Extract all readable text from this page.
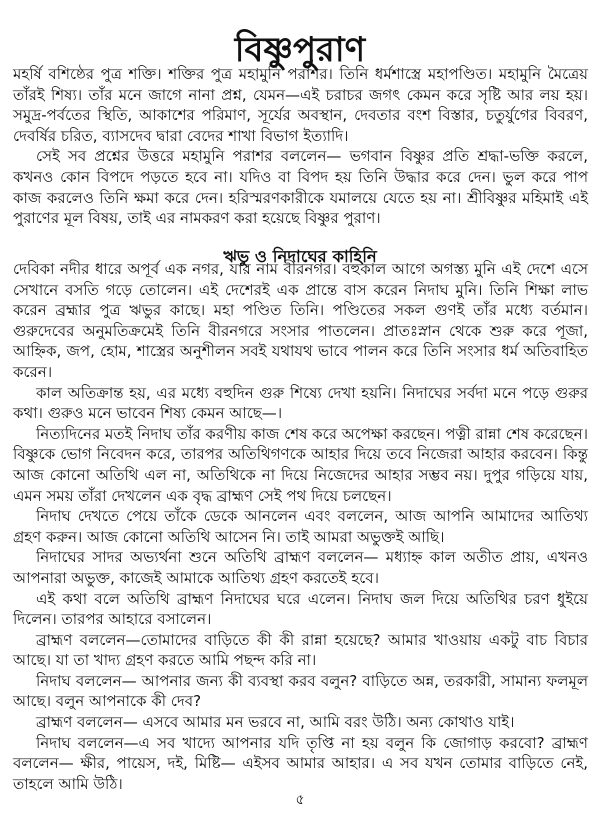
বিষ্ণুপুরাণ

মহর্ষি বশিষ্ঠের পুত্র শক্তি। শক্তির পুত্র মহামুনি পরাশর। তিনি ধর্মশাস্ত্রে মহাপণ্ডিত। মহামুনি মৈত্রেয় তাঁরই শিষ্য। তাঁর মনে জাগে নানা প্রশ্ন, যেমন—এই চরাচর জগৎ কেমন করে সৃষ্টি আর লয় হয়। সমুদ্র-পর্বতের স্থিতি, আকাশের পরিমাণ, সূর্যের অবস্থান, দেবতার বংশ বিস্তার, চতুর্যুগের বিবরণ, দেবর্ষির চরিত, ব্যাসদেব দ্বারা বেদের শাখা বিভাগ ইত্যাদি।

সেই সব প্রশ্নের উত্তরে মহামুনি পরাশর বললেন— ভগবান বিষ্ণুর প্রতি শ্রদ্ধা-ভক্তি করলে, কখনও কোন বিপদে পড়তে হবে না। যদিও বা বিপদ হয় তিনি উদ্ধার করে দেন। ভুল করে পাপ কাজ করলেও তিনি ক্ষমা করে দেন। হরিস্মরণকারীকে যমালয়ে যেতে হয় না। শ্রীবিষ্ণুর মহিমাই এই পুরাণের মূল বিষয়, তাই এর নামকরণ করা হয়েছে বিষ্ণুর পুরাণ।

ঋভু ও নিদাঘের কাহিনি

দেবিকা নদীর ধারে অপূর্ব এক নগর, যার নাম বীরনগর। বহুকাল আগে অগস্ত্য মুনি এই দেশে এসে সেখানে বসতি গড়ে তোলেন। এই দেশেরই এক প্রান্তে বাস করেন নিদাঘ মুনি। তিনি শিক্ষা লাভ করেন ব্রহ্মার পুত্র ঋভুর কাছে। মহা পণ্ডিত তিনি। পণ্ডিতের সকল গুণই তাঁর মধ্যে বর্তমান। গুরুদেবের অনুমতিক্রমেই তিনি বীরনগরে সংসার পাতলেন। প্রাতঃস্নান থেকে শুরু করে পূজা, আহ্নিক, জপ, হোম, শাস্ত্রের অনুশীলন সবই যথাযথ ভাবে পালন করে তিনি সংসার ধর্ম অতিবাহিত করেন।

কাল অতিক্রান্ত হয়, এর মধ্যে বহুদিন গুরু শিষ্যে দেখা হয়নি। নিদাঘের সর্বদা মনে পড়ে গুরুর কথা। গুরুও মনে ভাবেন শিষ্য কেমন আছে—।

নিত্যদিনের মতই নিদাঘ তাঁর করণীয় কাজ শেষ করে অপেক্ষা করছেন। পত্নী রান্না শেষ করেছেন। বিষ্ণুকে ভোগ নিবেদন করে, তারপর অতিথিগণকে আহার দিয়ে তবে নিজেরা আহার করবেন। কিন্তু আজ কোনো অতিথি এল না, অতিথিকে না দিয়ে নিজেদের আহার সম্ভব নয়। দুপুর গড়িয়ে যায়, এমন সময় তাঁরা দেখলেন এক বৃদ্ধ ব্রাহ্মণ সেই পথ দিয়ে চলছেন।

নিদাঘ দেখতে পেয়ে তাঁকে ডেকে আনলেন এবং বললেন, আজ আপনি আমাদের আতিথ্য গ্রহণ করুন। আজ কোনো অতিথি আসেন নি। তাই আমরা অভুক্তই আছি।

নিদাঘের সাদর অভ্যর্থনা শুনে অতিথি ব্রাহ্মণ বললেন— মধ্যাহ্ন কাল অতীত প্রায়, এখনও আপনারা অভুক্ত, কাজেই আমাকে আতিথ্য গ্রহণ করতেই হবে।

এই কথা বলে অতিথি ব্রাহ্মণ নিদাঘের ঘরে এলেন। নিদাঘ জল দিয়ে অতিথির চরণ ধুইয়ে দিলেন। তারপর আহারে বসালেন।

ব্রাহ্মণ বললেন—তোমাদের বাড়িতে কী কী রান্না হয়েছে? আমার খাওয়ায় একটু বাচ বিচার আছে। যা তা খাদ্য গ্রহণ করতে আমি পছন্দ করি না।

নিদাঘ বললেন— আপনার জন্য কী ব্যবস্থা করব বলুন? বাড়িতে অন্ন, তরকারী, সামান্য ফলমূল আছে। বলুন আপনাকে কী দেব?

ব্রাহ্মণ বললেন— এসবে আমার মন ভরবে না, আমি বরং উঠি। অন্য কোথাও যাই।

নিদাঘ বললেন—এ সব খাদ্যে আপনার যদি তৃপ্তি না হয় বলুন কি জোগাড় করবো? ব্রাহ্মণ বললেন— ক্ষীর, পায়েস, দই, মিষ্টি— এইসব আমার আহার। এ সব যখন তোমার বাড়িতে নেই, তাহলে আমি উঠি।

৫
